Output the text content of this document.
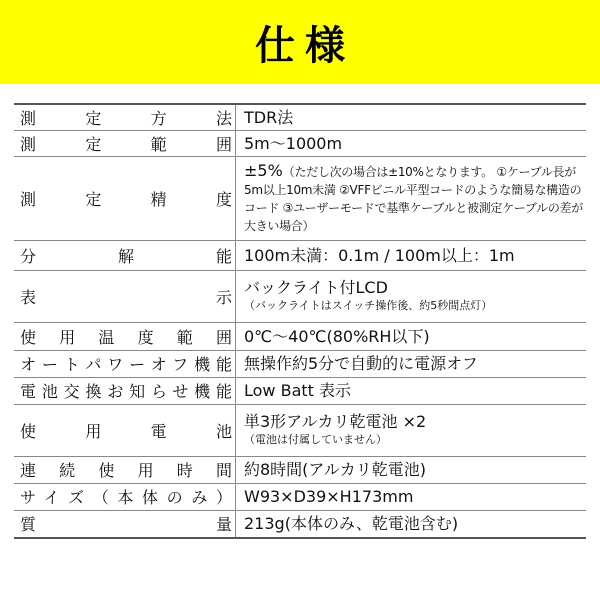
仕様
測定方法	TDR法

測定範囲	5m〜1000m

測定精度	±5%（ただし次の場合は±10%となります。 ①ケーブル長が5m以上10m未満 ②VFFビニル平型コードのような簡易な構造のコード ③ユーザーモードで基準ケーブルと被測定ケーブルの差が大きい場合）

分解能	100m未満：0.1m / 100m以上：1m

表示	バックライト付LCD
（バックライトはスイッチ操作後、約5秒間点灯）

使用温度範囲	0℃〜40℃(80%RH以下)

オートパワーオフ機能	無操作約5分で自動的に電源オフ

電池交換お知らせ機能	Low Batt 表示

使用電池	単3形アルカリ乾電池 ×2
（電池は付属していません）

連続使用時間	約8時間(アルカリ乾電池)

サイズ（本体のみ）	W93×D39×H173mm

質量	213g(本体のみ、乾電池含む)
